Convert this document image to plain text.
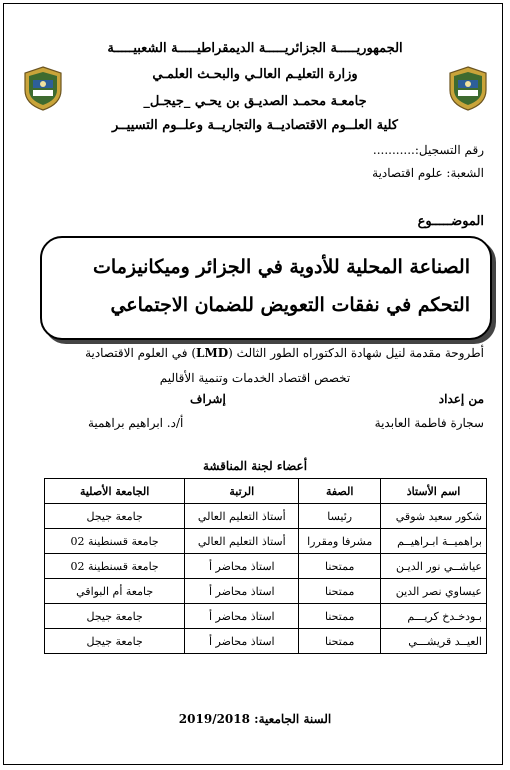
الجمهوريـــــة الجزائريـــــة الديمقراطيـــــة الشعبيـــــة
وزارة التعليـم العالـي والبحـث العلمـي
جامعـة محمـد الصديـق بن يحـي _جيجـل_
كلية العلــوم الاقتصاديــة والتجاريــة وعلــوم التسييــر
رقم التسجيل:...........
الشعبة: علوم اقتصادية
الموضـــــوع
الصناعة المحلية للأدوية في الجزائر وميكانيزمات
التحكم في نفقات التعويض للضمان الاجتماعي
أطروحة مقدمة لنيل شهادة الدكتوراه الطور الثالث (LMD) في العلوم الاقتصادية
تخصص اقتصاد الخدمات وتنمية الأقاليم
من إعداد
إشراف
سجارة فاطمة العابدية
أ/د. ابراهيم براهمية
أعضاء لجنة المناقشة
اسم الأستاذ	الصفة	الرتبة	الجامعة الأصلية
شكور سعيد شوقي	رئيسا	أستاذ التعليم العالي	جامعة جيجل
براهميــة ابـراهيــم	مشرفا ومقررا	أستاذ التعليم العالي	جامعة قسنطينة 02
عياشــي نور الديـن	ممتحنا	استاذ محاضر أ	جامعة قسنطينة 02
عيساوي نصر الدين	ممتحنا	استاذ محاضر أ	جامعة أم البواقي
بـودخـدخ كريـــم	ممتحنا	استاذ محاضر أ	جامعة جيجل
العيــد قريشـــي	ممتحنا	استاذ محاضر أ	جامعة جيجل
السنة الجامعية: 2019/2018
